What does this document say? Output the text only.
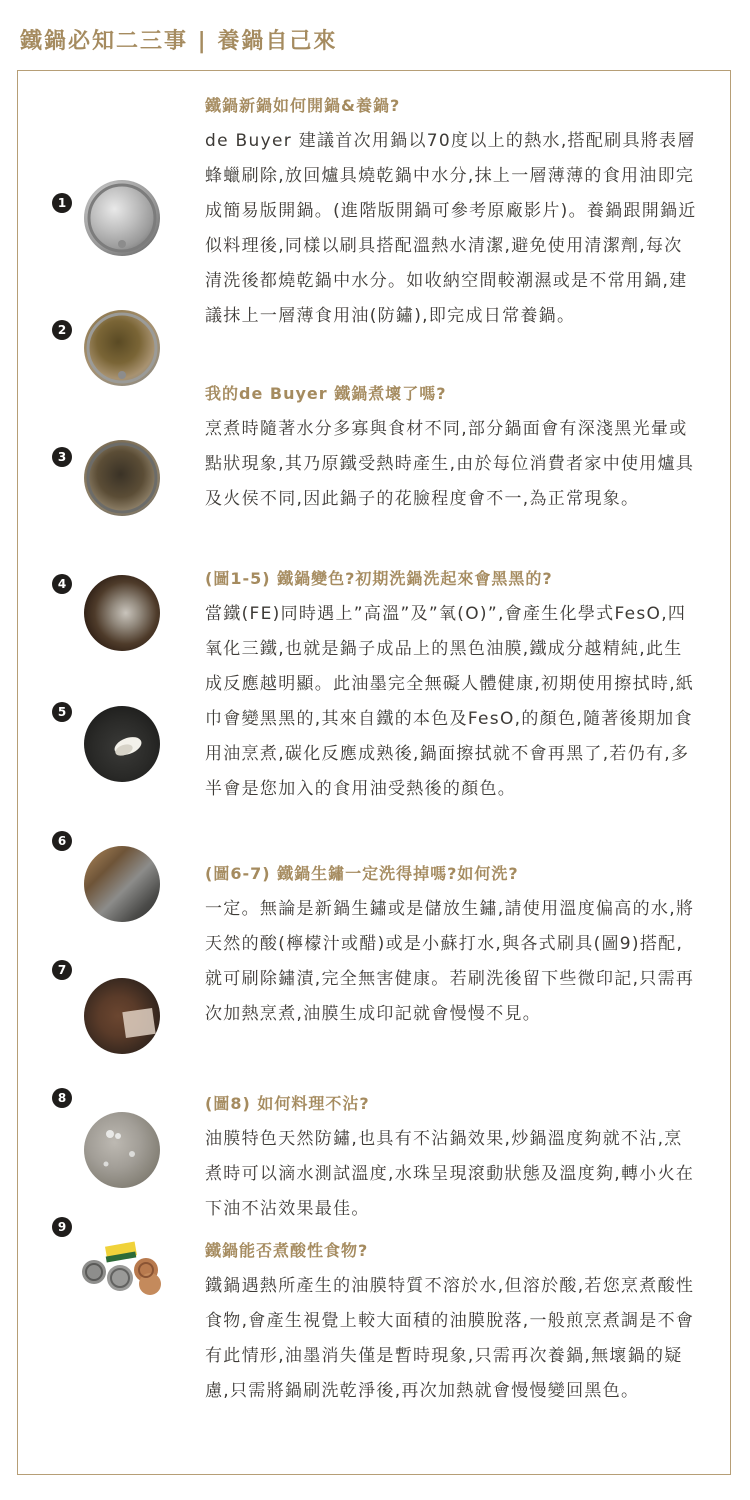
鐵鍋必知二三事 | 養鍋自己來
1
2
3
4
5
6
7
8
9
鐵鍋新鍋如何開鍋&養鍋?

de Buyer 建議首次用鍋以70度以上的熱水,搭配刷具將表層蜂蠟刷除,放回爐具燒乾鍋中水分,抹上一層薄薄的食用油即完成簡易版開鍋。(進階版開鍋可參考原廠影片)。養鍋跟開鍋近似料理後,同樣以刷具搭配溫熱水清潔,避免使用清潔劑,每次清洗後都燒乾鍋中水分。如收納空間較潮濕或是不常用鍋,建議抹上一層薄食用油(防鏽),即完成日常養鍋。

我的de Buyer 鐵鍋煮壞了嗎?

烹煮時隨著水分多寡與食材不同,部分鍋面會有深淺黑光暈或點狀現象,其乃原鐵受熱時產生,由於每位消費者家中使用爐具及火侯不同,因此鍋子的花臉程度會不一,為正常現象。

(圖1-5) 鐵鍋變色?初期洗鍋洗起來會黑黑的?

當鐵(FE)同時遇上”高溫”及”氧(O)”,會產生化學式FesO,四氧化三鐵,也就是鍋子成品上的黑色油膜,鐵成分越精純,此生成反應越明顯。此油墨完全無礙人體健康,初期使用擦拭時,紙巾會變黑黑的,其來自鐵的本色及FesO,的顏色,隨著後期加食用油烹煮,碳化反應成熟後,鍋面擦拭就不會再黑了,若仍有,多半會是您加入的食用油受熱後的顏色。

(圖6-7) 鐵鍋生鏽一定洗得掉嗎?如何洗?

一定。無論是新鍋生鏽或是儲放生鏽,請使用溫度偏高的水,將天然的酸(檸檬汁或醋)或是小蘇打水,與各式刷具(圖9)搭配,就可刷除鏽漬,完全無害健康。若刷洗後留下些微印記,只需再次加熱烹煮,油膜生成印記就會慢慢不見。

(圖8) 如何料理不沾?

油膜特色天然防鏽,也具有不沾鍋效果,炒鍋溫度夠就不沾,烹煮時可以滴水測試溫度,水珠呈現滾動狀態及溫度夠,轉小火在下油不沾效果最佳。

鐵鍋能否煮酸性食物?

鐵鍋遇熱所產生的油膜特質不溶於水,但溶於酸,若您烹煮酸性食物,會產生視覺上較大面積的油膜脫落,一般煎烹煮調是不會有此情形,油墨消失僅是暫時現象,只需再次養鍋,無壞鍋的疑慮,只需將鍋刷洗乾淨後,再次加熱就會慢慢變回黑色。
